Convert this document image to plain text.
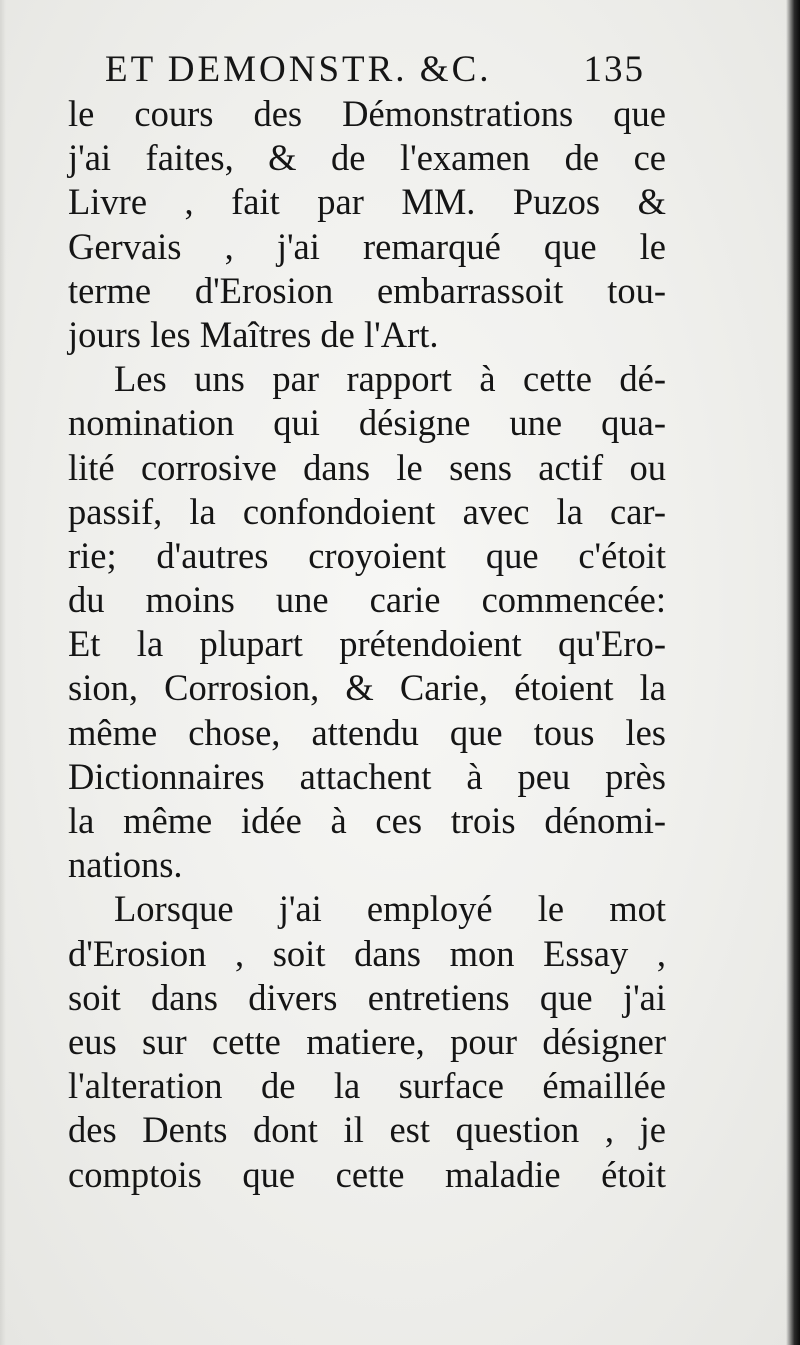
ET DEMONSTR. &C. 135
le cours des Démonstrations que
j'ai faites, & de l'examen de ce
Livre , fait par MM. Puzos &
Gervais , j'ai remarqué que le
terme d'Erosion embarrassoit tou-
jours les Maîtres de l'Art.
Les uns par rapport à cette dé-
nomination qui désigne une qua-
lité corrosive dans le sens actif ou
passif, la confondoient avec la car-
rie; d'autres croyoient que c'étoit
du moins une carie commencée:
Et la plupart prétendoient qu'Ero-
sion, Corrosion, & Carie, étoient la
même chose, attendu que tous les
Dictionnaires attachent à peu près
la même idée à ces trois dénomi-
nations.
Lorsque j'ai employé le mot
d'Erosion , soit dans mon Essay ,
soit dans divers entretiens que j'ai
eus sur cette matiere, pour désigner
l'alteration de la surface émaillée
des Dents dont il est question , je
comptois que cette maladie étoit
